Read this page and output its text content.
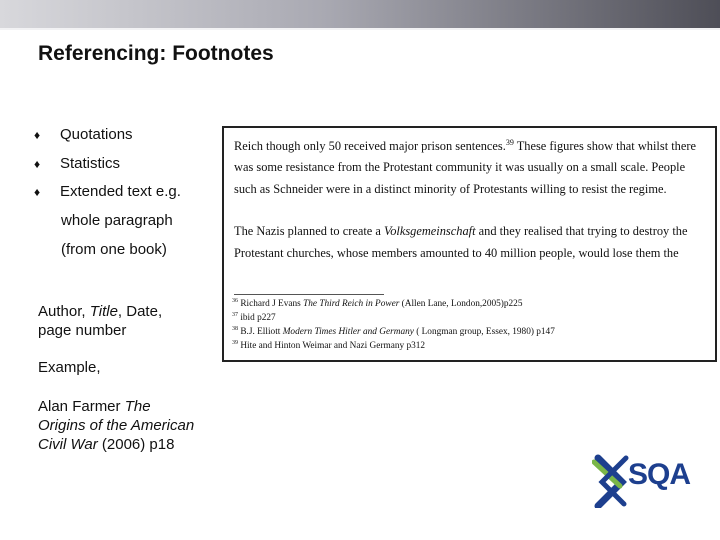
Referencing: Footnotes
♦ Quotations
♦ Statistics
♦ Extended text e.g.
whole paragraph
(from one book)
Author, Title, Date,
page number
Example,
Alan Farmer The
Origins of the American
Civil War (2006) p18
Reich though only 50 received major prison sentences.$^{39}$ These figures show that whilst there
was some resistance from the Protestant community it was usually on a small scale. People
such as Schneider were in a distinct minority of Protestants willing to resist the regime.
The Nazis planned to create a Volksgemeinschaft and they realised that trying to destroy the
Protestant churches, whose members amounted to 40 million people, would lose them the
$^{36}$ Richard J Evans The Third Reich in Power (Allen Lane, London,2005)p225
$^{37}$ ibid p227
$^{38}$ B.J. Elliott Modern Times Hitler and Germany ( Longman group, Essex, 1980) p147
$^{39}$ Hite and Hinton Weimar and Nazi Germany p312
SQA
